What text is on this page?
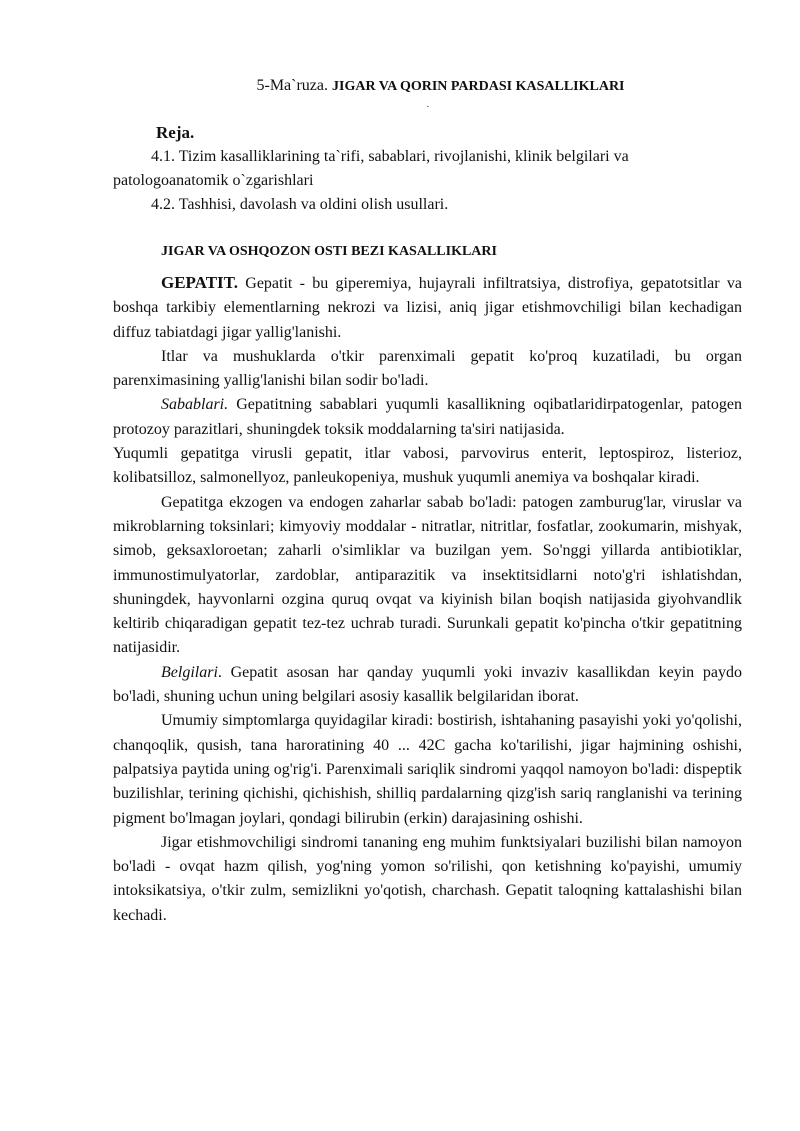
5-Ma`ruza. JIGAR VA QORIN PARDASI KASALLIKLARI
.
Reja.
4.1. Tizim kasalliklarining ta`rifi, sabablari, rivojlanishi, klinik belgilari va patologoanatomik o`zgarishlari
4.2. Tashhisi, davolash va oldini olish usullari.
JIGAR VA OSHQOZON OSTI BEZI KASALLIKLARI

GEPATIT. Gepatit - bu giperemiya, hujayrali infiltratsiya, distrofiya, gepatotsitlar va boshqa tarkibiy elementlarning nekrozi va lizisi, aniq jigar etishmovchiligi bilan kechadigan diffuz tabiatdagi jigar yallig'lanishi.

Itlar va mushuklarda o'tkir parenximali gepatit ko'proq kuzatiladi, bu organ parenximasining yallig'lanishi bilan sodir bo'ladi.

Sabablari. Gepatitning sabablari yuqumli kasallikning oqibatlaridirpatogenlar, patogen protozoy parazitlari, shuningdek toksik moddalarning ta'siri natijasida.

Yuqumli gepatitga virusli gepatit, itlar vabosi, parvovirus enterit, leptospiroz, listerioz, kolibatsilloz, salmonellyoz, panleukopeniya, mushuk yuqumli anemiya va boshqalar kiradi.

Gepatitga ekzogen va endogen zaharlar sabab bo'ladi: patogen zamburug'lar, viruslar va mikroblarning toksinlari; kimyoviy moddalar - nitratlar, nitritlar, fosfatlar, zookumarin, mishyak, simob, geksaxloroetan; zaharli o'simliklar va buzilgan yem. So'nggi yillarda antibiotiklar, immunostimulyatorlar, zardoblar, antiparazitik va insektitsidlarni noto'g'ri ishlatishdan, shuningdek, hayvonlarni ozgina quruq ovqat va kiyinish bilan boqish natijasida giyohvandlik keltirib chiqaradigan gepatit tez-tez uchrab turadi. Surunkali gepatit ko'pincha o'tkir gepatitning natijasidir.

Belgilari. Gepatit asosan har qanday yuqumli yoki invaziv kasallikdan keyin paydo bo'ladi, shuning uchun uning belgilari asosiy kasallik belgilaridan iborat.

Umumiy simptomlarga quyidagilar kiradi: bostirish, ishtahaning pasayishi yoki yo'qolishi, chanqoqlik, qusish, tana haroratining 40 ... 42C gacha ko'tarilishi, jigar hajmining oshishi, palpatsiya paytida uning og'rig'i. Parenximali sariqlik sindromi yaqqol namoyon bo'ladi: dispeptik buzilishlar, terining qichishi, qichishish, shilliq pardalarning qizg'ish sariq ranglanishi va terining pigment bo'lmagan joylari, qondagi bilirubin (erkin) darajasining oshishi.

Jigar etishmovchiligi sindromi tananing eng muhim funktsiyalari buzilishi bilan namoyon bo'ladi - ovqat hazm qilish, yog'ning yomon so'rilishi, qon ketishning ko'payishi, umumiy intoksikatsiya, o'tkir zulm, semizlikni yo'qotish, charchash. Gepatit taloqning kattalashishi bilan kechadi.
